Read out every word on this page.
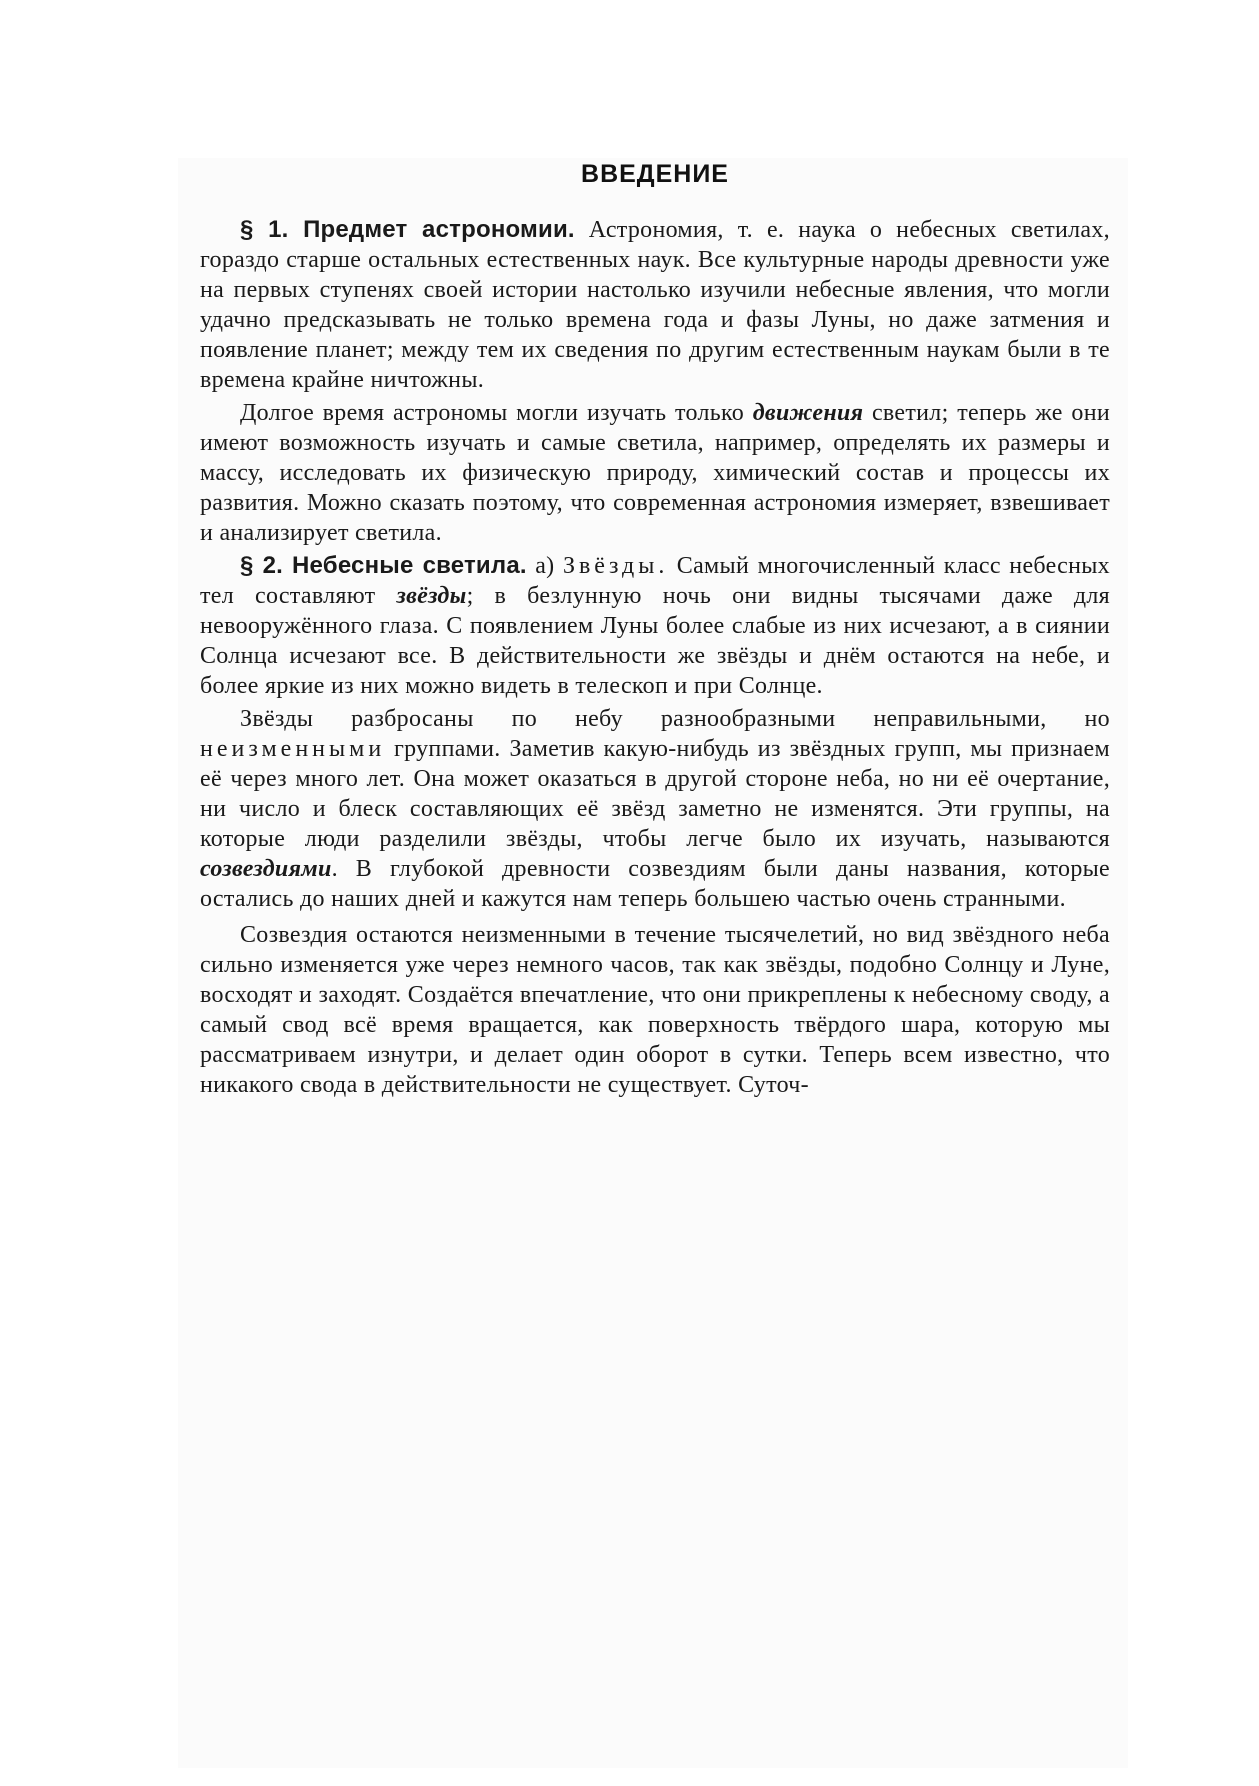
ВВЕДЕНИЕ

§ 1. Предмет астрономии. Астрономия, т. е. наука о небесных светилах, гораздо старше остальных естественных наук. Все культурные народы древности уже на первых ступенях своей истории настолько изучили небесные явления, что могли удачно предсказывать не только времена года и фазы Луны, но даже затмения и появление планет; между тем их сведения по другим естественным наукам были в те времена крайне ничтожны.

Долгое время астрономы могли изучать только движения светил; теперь же они имеют возможность изучать и самые светила, например, определять их размеры и массу, исследовать их физическую природу, химический состав и процессы их развития. Можно сказать поэтому, что современная астрономия измеряет, взвешивает и анализирует светила.

§ 2. Небесные светила. а) Звёзды. Самый многочисленный класс небесных тел составляют звёзды; в безлунную ночь они видны тысячами даже для невооружённого глаза. С появлением Луны более слабые из них исчезают, а в сиянии Солнца исчезают все. В действительности же звёзды и днём остаются на небе, и более яркие из них можно видеть в телескоп и при Солнце.

Звёзды разбросаны по небу разнообразными неправильными, но неизменными группами. Заметив какую-нибудь из звёздных групп, мы признаем её через много лет. Она может оказаться в другой стороне неба, но ни её очертание, ни число и блеск составляющих её звёзд заметно не изменятся. Эти группы, на которые люди разделили звёзды, чтобы легче было их изучать, называются созвездиями. В глубокой древности созвездиям были даны названия, которые остались до наших дней и кажутся нам теперь большею частью очень странными.

Созвездия остаются неизменными в течение тысячелетий, но вид звёздного неба сильно изменяется уже через немного часов, так как звёзды, подобно Солнцу и Луне, восходят и заходят. Создаётся впечатление, что они прикреплены к небесному своду, а самый свод всё время вращается, как поверхность твёрдого шара, которую мы рассматриваем изнутри, и делает один оборот в сутки. Теперь всем известно, что никакого свода в действительности не существует. Суточ-
